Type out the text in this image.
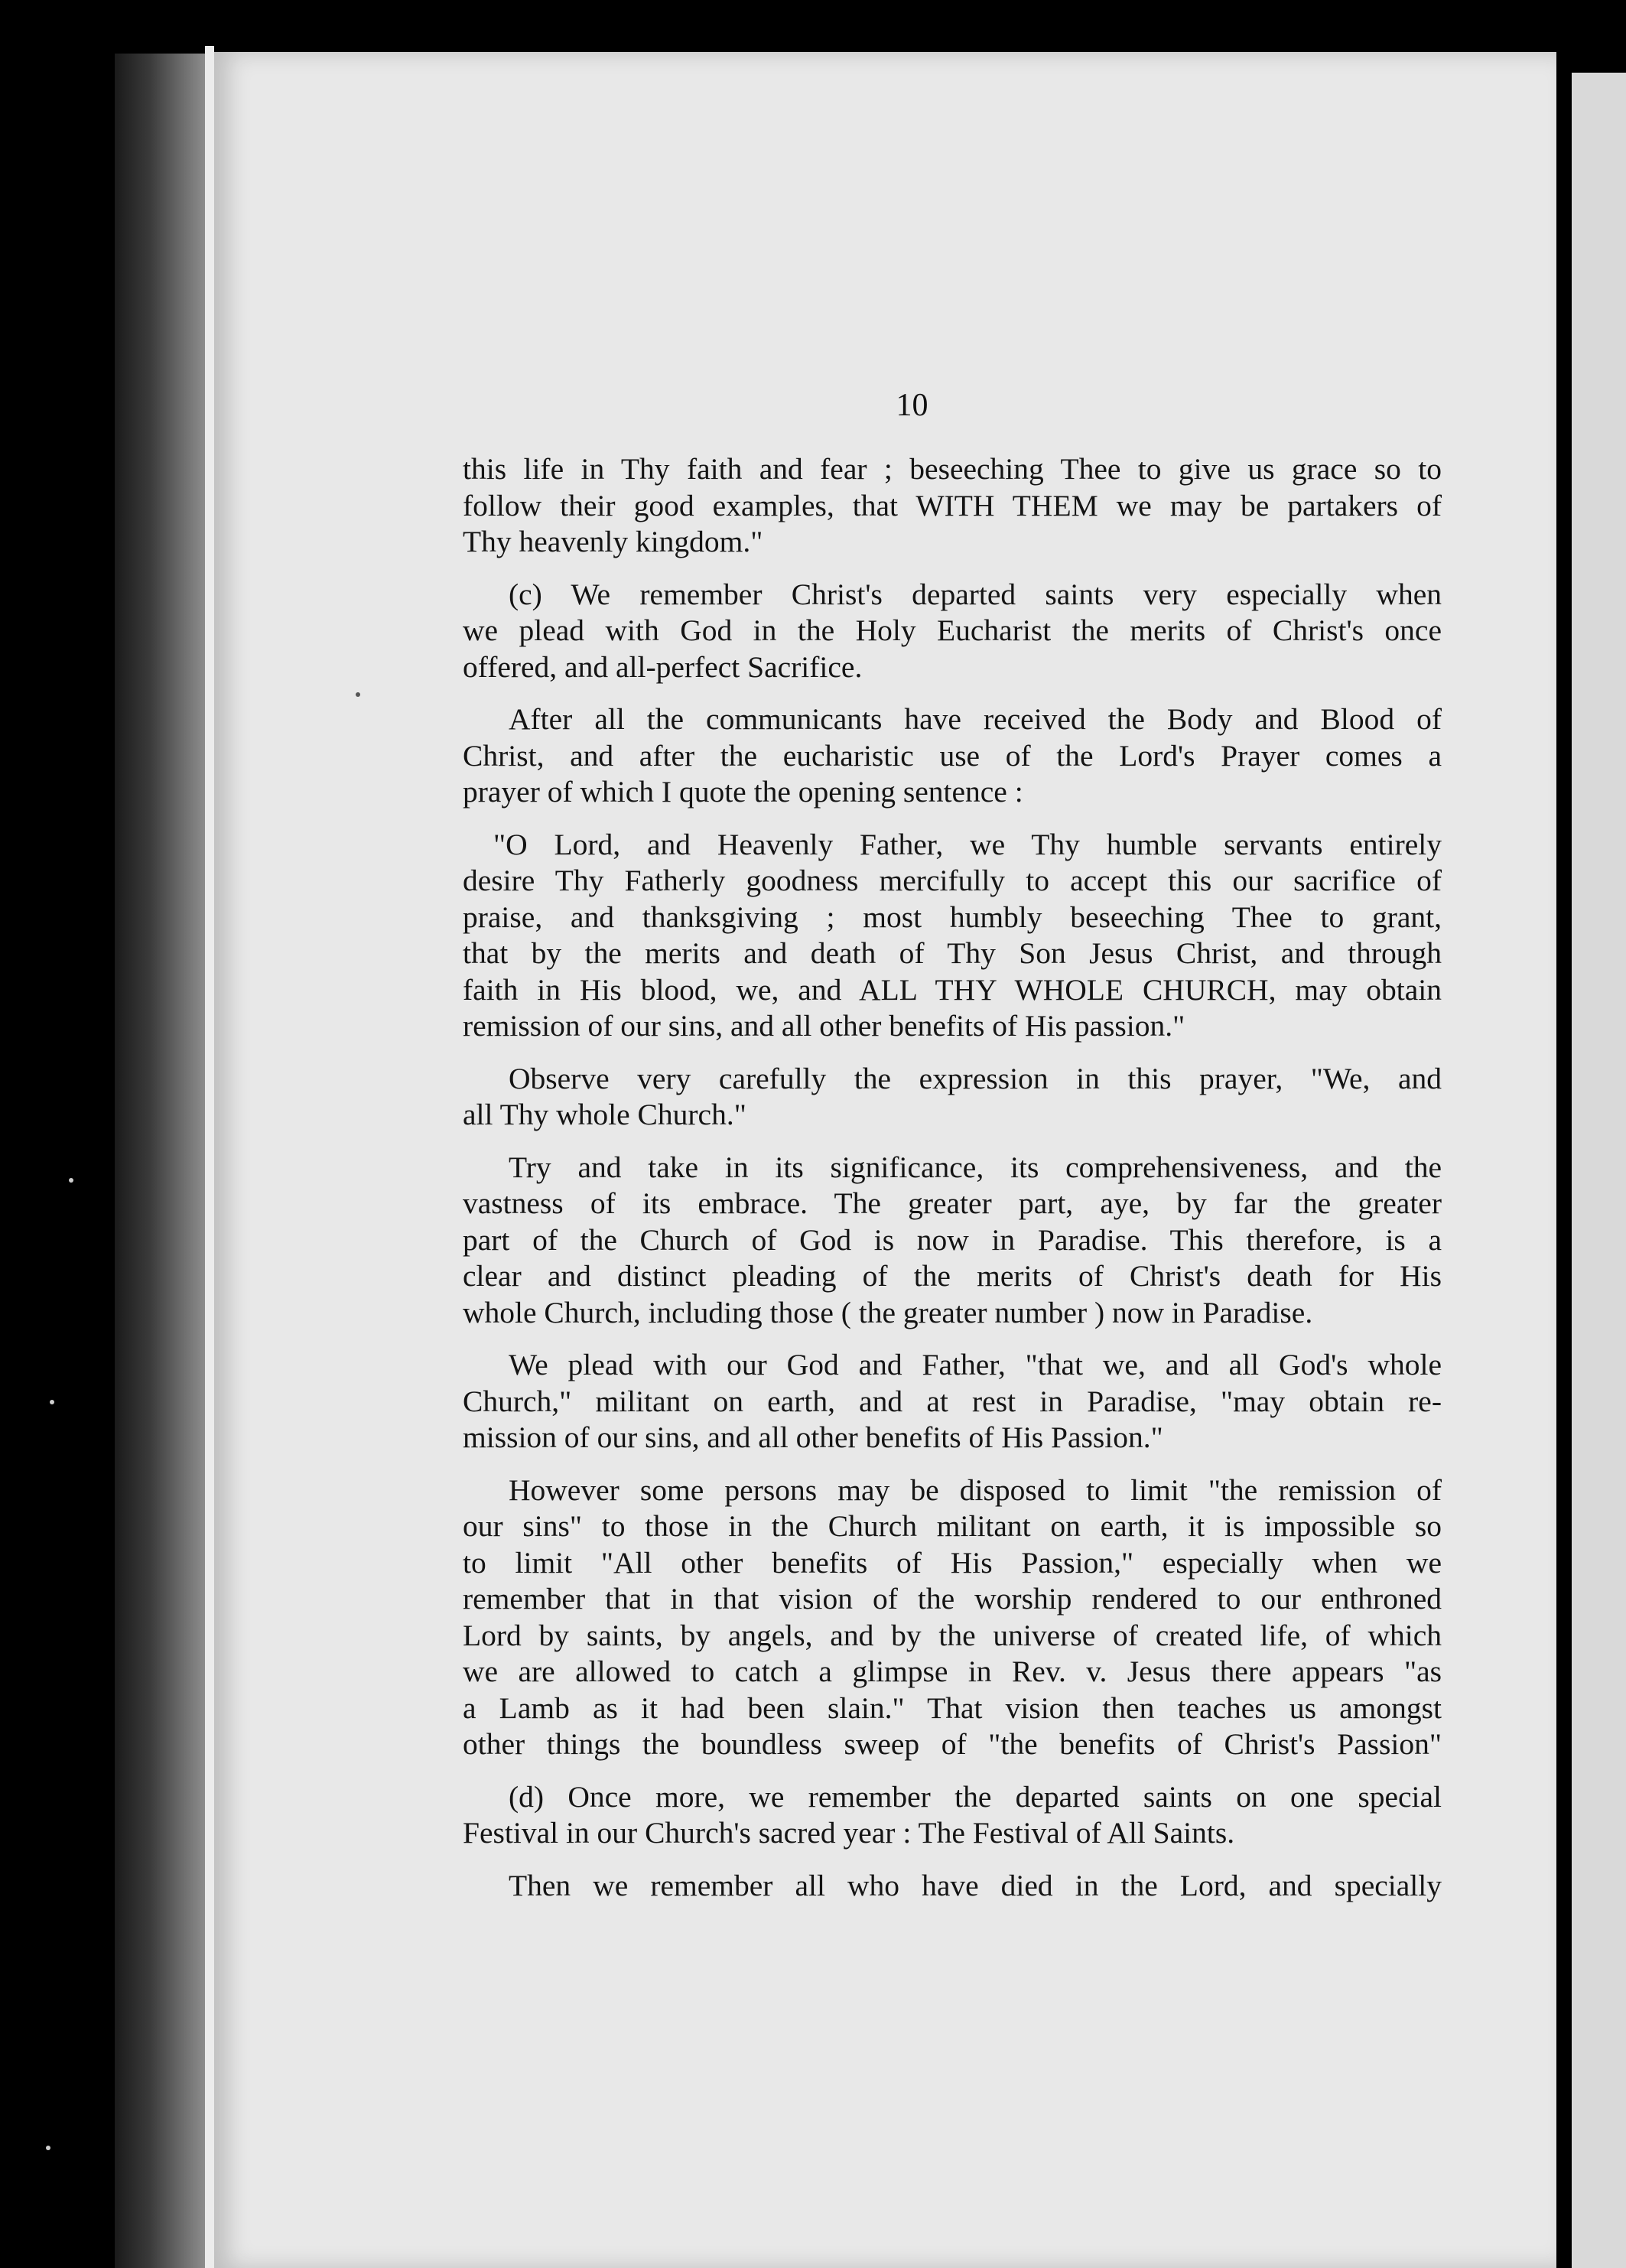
10

this life in Thy faith and fear ; beseeching Thee to give us grace so to
follow their good examples, that WITH THEM we may be partakers of
Thy heavenly kingdom."

(c) We remember Christ's departed saints very especially when
we plead with God in the Holy Eucharist the merits of Christ's once
offered, and all-perfect Sacrifice.

After all the communicants have received the Body and Blood of
Christ, and after the eucharistic use of the Lord's Prayer comes a
prayer of which I quote the opening sentence :

"O Lord, and Heavenly Father, we Thy humble servants entirely
desire Thy Fatherly goodness mercifully to accept this our sacrifice of
praise, and thanksgiving ; most humbly beseeching Thee to grant,
that by the merits and death of Thy Son Jesus Christ, and through
faith in His blood, we, and ALL THY WHOLE CHURCH, may obtain
remission of our sins, and all other benefits of His passion."

Observe very carefully the expression in this prayer, "We, and
all Thy whole Church."

Try and take in its significance, its comprehensiveness, and the
vastness of its embrace. The greater part, aye, by far the greater
part of the Church of God is now in Paradise. This therefore, is a
clear and distinct pleading of the merits of Christ's death for His
whole Church, including those ( the greater number ) now in Paradise.

We plead with our God and Father, "that we, and all God's whole
Church," militant on earth, and at rest in Paradise, "may obtain re-
mission of our sins, and all other benefits of His Passion."

However some persons may be disposed to limit "the remission of
our sins" to those in the Church militant on earth, it is impossible so
to limit "All other benefits of His Passion," especially when we
remember that in that vision of the worship rendered to our enthroned
Lord by saints, by angels, and by the universe of created life, of which
we are allowed to catch a glimpse in Rev. v. Jesus there appears "as
a Lamb as it had been slain." That vision then teaches us amongst
other things the boundless sweep of "the benefits of Christ's Passion"

(d) Once more, we remember the departed saints on one special
Festival in our Church's sacred year : The Festival of All Saints.

Then we remember all who have died in the Lord, and specially
